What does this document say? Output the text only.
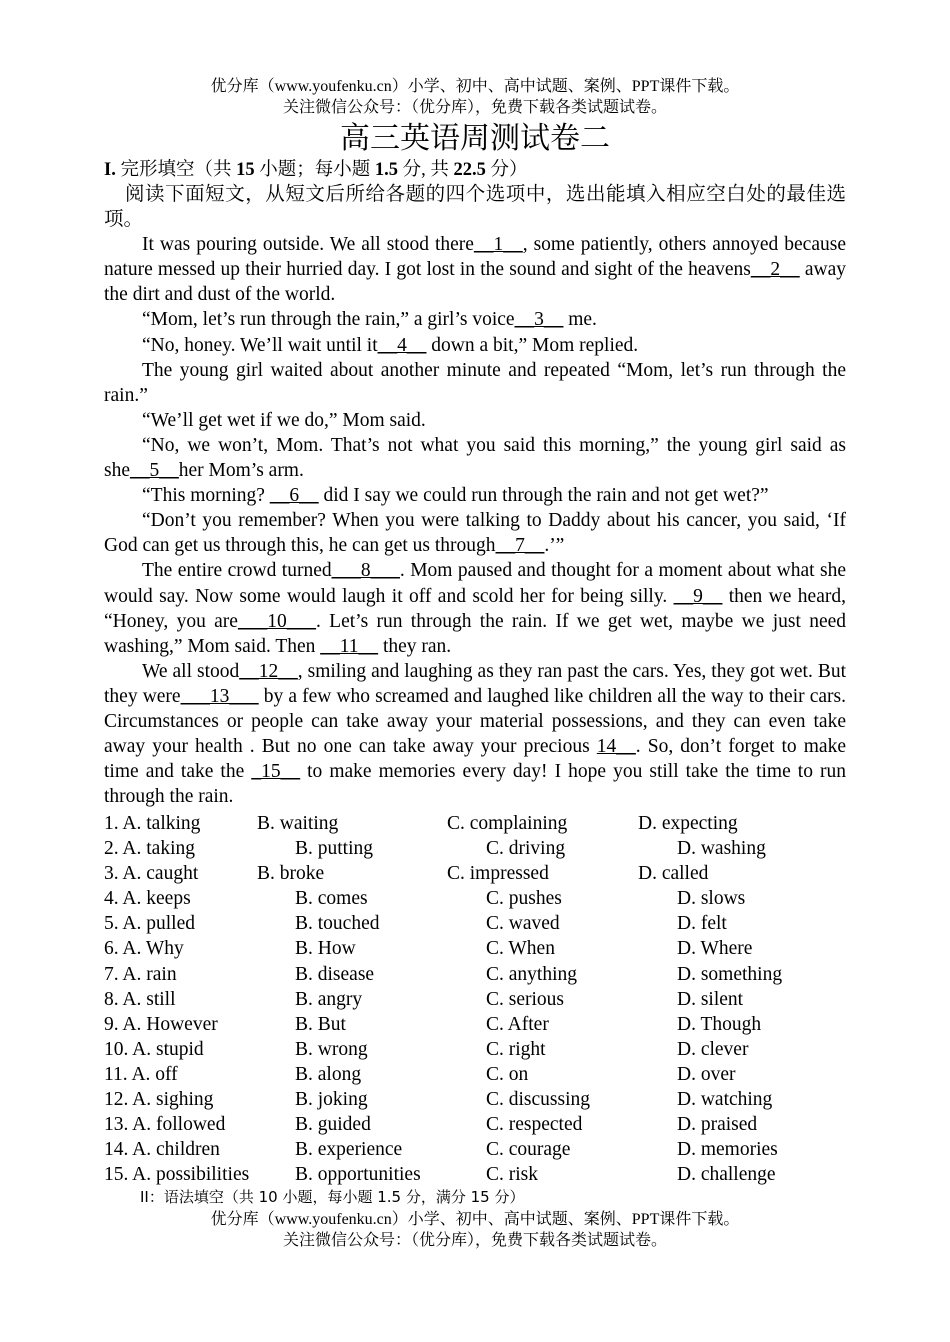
优分库（www.youfenku.cn）小学、初中、高中试题、案例、PPT课件下载。
关注微信公众号：（优分库），免费下载各类试题试卷。
高三英语周测试卷二
I. 完形填空（共 15 小题；每小题 1.5 分, 共 22.5 分）

阅读下面短文，从短文后所给各题的四个选项中，选出能填入相应空白处的最佳选项。

It was pouring outside. We all stood there__1__, some patiently, others annoyed because nature messed up their hurried day. I got lost in the sound and sight of the heavens__2__ away the dirt and dust of the world.

“Mom, let’s run through the rain,” a girl’s voice__3__ me.

“No, honey. We’ll wait until it__4__ down a bit,” Mom replied.

The young girl waited about another minute and repeated “Mom, let’s run through the rain.”

“We’ll get wet if we do,” Mom said.

“No, we won’t, Mom. That’s not what you said this morning,” the young girl said as she__5__her Mom’s arm.

“This morning? __6__ did I say we could run through the rain and not get wet?”

“Don’t you remember? When you were talking to Daddy about his cancer, you said, ‘If God can get us through this, he can get us through__7__.’”

The entire crowd turned___8___. Mom paused and thought for a moment about what she would say. Now some would laugh it off and scold her for being silly. __9__ then we heard, “Honey, you are___10___. Let’s run through the rain. If we get wet, maybe we just need washing,” Mom said. Then __11__ they ran.

We all stood__12__, smiling and laughing as they ran past the cars. Yes, they got wet. But they were___13___ by a few who screamed and laughed like children all the way to their cars. Circumstances or people can take away your material possessions, and they can even take away your health . But no one can take away your precious 14__. So, don’t forget to make time and take the _15__ to make memories every day! I hope you still take the time to run through the rain.

1. A. talking	B. waiting	C. complaining	D. expecting
2. A. taking	B. putting	C. driving	D. washing
3. A. caught	B. broke	C. impressed	D. called
4. A. keeps	B. comes	C. pushes	D. slows
5. A. pulled	B. touched	C. waved	D. felt
6. A. Why	B. How	C. When	D. Where
7. A. rain	B. disease	C. anything	D. something
8. A. still	B. angry	C. serious	D. silent
9. A. However	B. But	C. After	D. Though
10. A. stupid	B. wrong	C. right	D. clever
11. A. off	B. along	C. on	D. over
12. A. sighing	B. joking	C. discussing	D. watching
13. A. followed	B. guided	C. respected	D. praised
14. A. children	B. experience	C. courage	D. memories
15. A. possibilities B. opportunities	C. risk	D. challenge
II：语法填空（共 10 小题，每小题 1.5 分，满分 15 分）
优分库（www.youfenku.cn）小学、初中、高中试题、案例、PPT课件下载。
关注微信公众号：（优分库），免费下载各类试题试卷。
